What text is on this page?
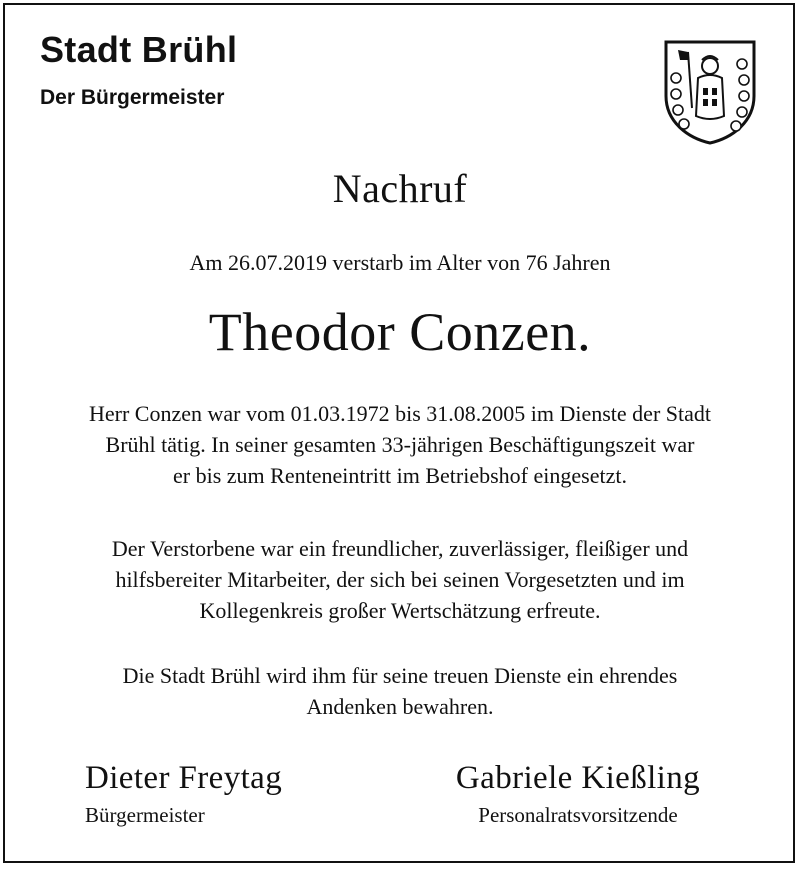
Stadt Brühl
Der Bürgermeister
Nachruf
Am 26.07.2019 verstarb im Alter von 76 Jahren
Theodor Conzen.
Herr Conzen war vom 01.03.1972 bis 31.08.2005 im Dienste der Stadt
Brühl tätig. In seiner gesamten 33-jährigen Beschäftigungszeit war
er bis zum Renteneintritt im Betriebshof eingesetzt.
Der Verstorbene war ein freundlicher, zuverlässiger, fleißiger und
hilfsbereiter Mitarbeiter, der sich bei seinen Vorgesetzten und im
Kollegenkreis großer Wertschätzung erfreute.
Die Stadt Brühl wird ihm für seine treuen Dienste ein ehrendes
Andenken bewahren.
Dieter Freytag
Bürgermeister
Gabriele Kießling
Personalratsvorsitzende
